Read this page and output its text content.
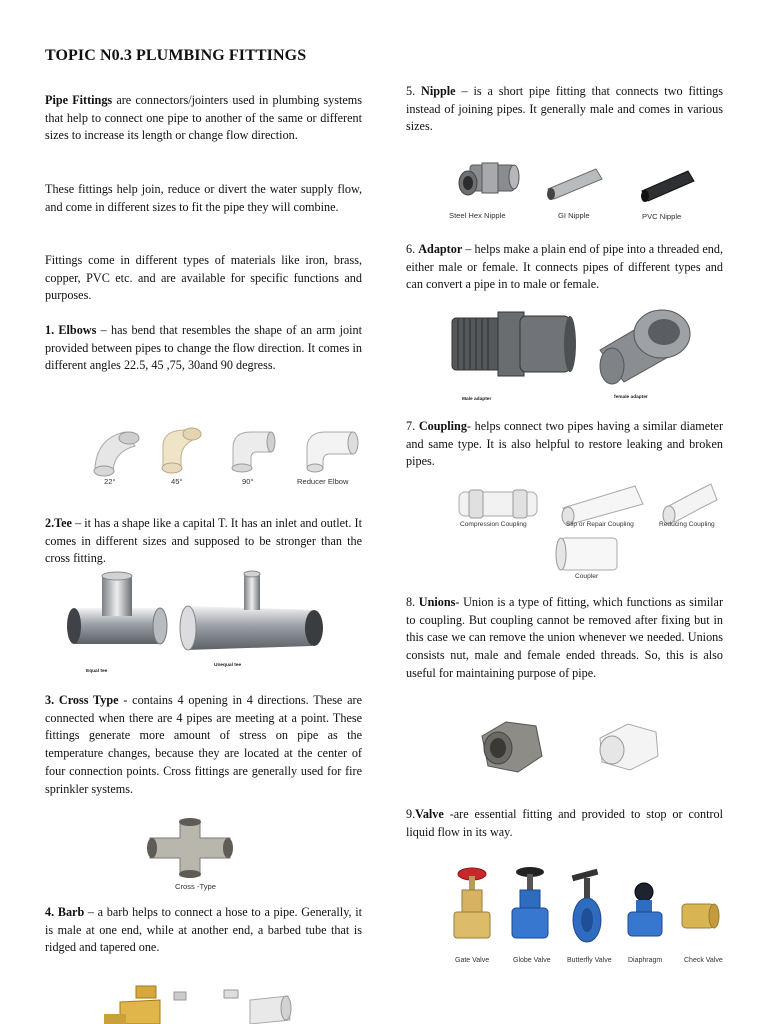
TOPIC N0.3 PLUMBING FITTINGS

Pipe Fittings are connectors/jointers used in plumbing systems that help to connect one pipe to another of the same or different sizes to increase its length or change flow direction.

These fittings help join, reduce or divert the water supply flow, and come in different sizes to fit the pipe they will combine.

Fittings come in different types of materials like iron, brass, copper, PVC etc. and are available for specific functions and purposes.

1. Elbows – has bend that resembles the shape of an arm joint provided between pipes to change the flow direction. It comes in different angles 22.5, 45 ,75, 30and 90 degress.

22°	45°	90°	Reducer Elbow

2.Tee – it has a shape like a capital T. It has an inlet and outlet. It comes in different sizes and supposed to be stronger than the cross fitting.

Equal tee
Unequal tee

3. Cross Type - contains 4 opening in 4 directions. These are connected when there are 4 pipes are meeting at a point. These fittings generate more amount of stress on pipe as the temperature changes, because they are located at the center of four connection points. Cross fittings are generally used for fire sprinkler systems.

Cross -Type

4. Barb – a barb helps to connect a hose to a pipe. Generally, it is male at one end, while at another end, a barbed tube that is ridged and tapered one.

5. Nipple – is a short pipe fitting that connects two fittings instead of joining pipes. It generally male and comes in various sizes.

Steel Hex Nipple	GI Nipple	PVC Nipple

6. Adaptor – helps make a plain end of pipe into a threaded end, either male or female. It connects pipes of different types and can convert a pipe in to male or female.

Male adapter	female adapter

7. Coupling- helps connect two pipes having a similar diameter and same type. It is also helpful to restore leaking and broken pipes.

Compression Coupling	Slip or Repair Coupling	Reducing Coupling
Coupler

8. Unions- Union is a type of fitting, which functions as similar to coupling. But coupling cannot be removed after fixing but in this case we can remove the union whenever we needed. Unions consists nut, male and female ended threads. So, this is also useful for maintaining purpose of pipe.

9.Valve -are essential fitting and provided to stop or control liquid flow in its way.

Gate Valve	Globe Valve Butterfly Valve Diaphragm	Check Valve
